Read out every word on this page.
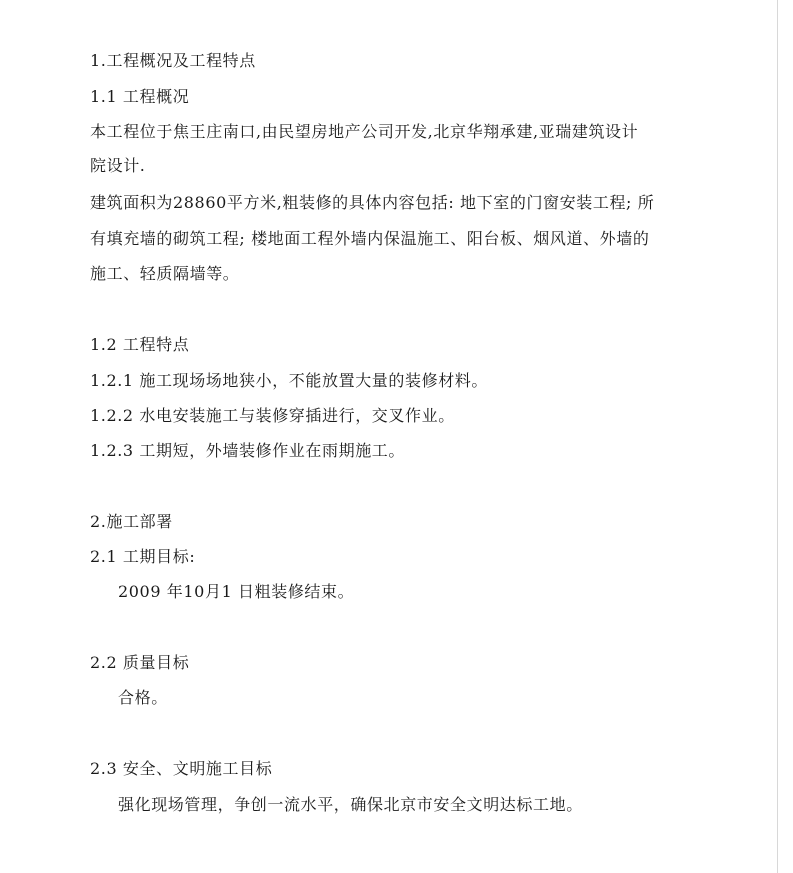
1.工程概况及工程特点
1.1 工程概况
本工程位于焦王庄南口,由民望房地产公司开发,北京华翔承建,亚瑞建筑设计
院设计.
建筑面积为28860平方米,粗装修的具体内容包括: 地下室的门窗安装工程; 所
有填充墙的砌筑工程; 楼地面工程外墙内保温施工、阳台板、烟风道、外墙的
施工、轻质隔墙等。
1.2 工程特点
1.2.1 施工现场场地狭小，不能放置大量的装修材料。
1.2.2 水电安装施工与装修穿插进行，交叉作业。
1.2.3 工期短，外墙装修作业在雨期施工。
2.施工部署
2.1 工期目标:
2009 年10月1 日粗装修结束。
2.2 质量目标
合格。
2.3 安全、文明施工目标
强化现场管理，争创一流水平，确保北京市安全文明达标工地。
